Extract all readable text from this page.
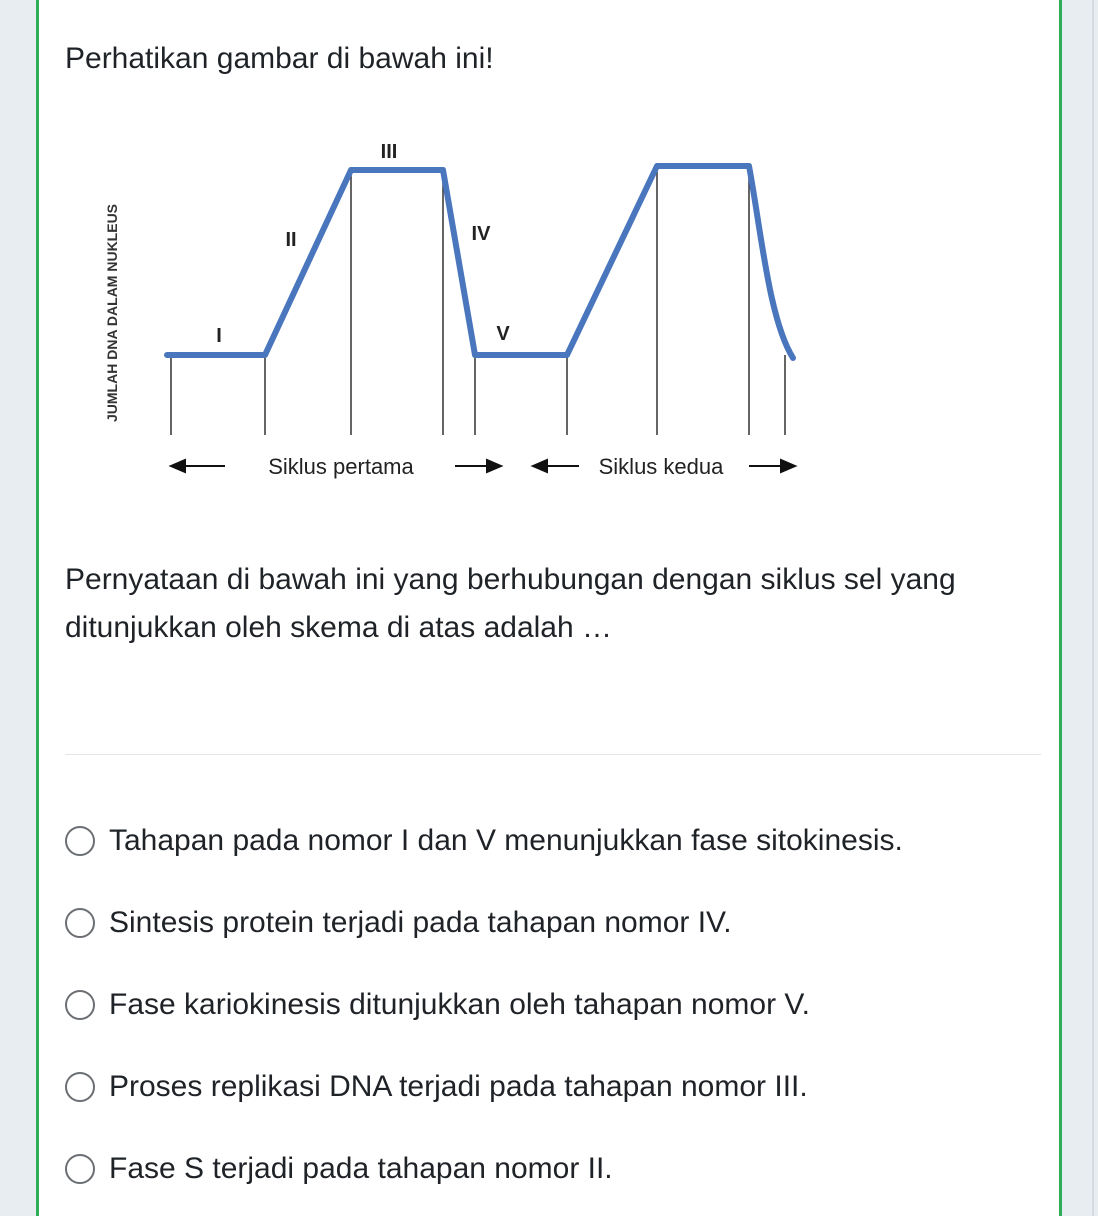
Perhatikan gambar di bawah ini!

JUMLAH DNA DALAM NUKLEUS	I
II
III
IV
V
Siklus pertama	Siklus kedua

Pernyataan di bawah ini yang berhubungan dengan siklus sel yang ditunjukkan oleh skema di atas adalah …

Tahapan pada nomor I dan V menunjukkan fase sitokinesis.
Sintesis protein terjadi pada tahapan nomor IV.
Fase kariokinesis ditunjukkan oleh tahapan nomor V.
Proses replikasi DNA terjadi pada tahapan nomor III.
Fase S terjadi pada tahapan nomor II.
